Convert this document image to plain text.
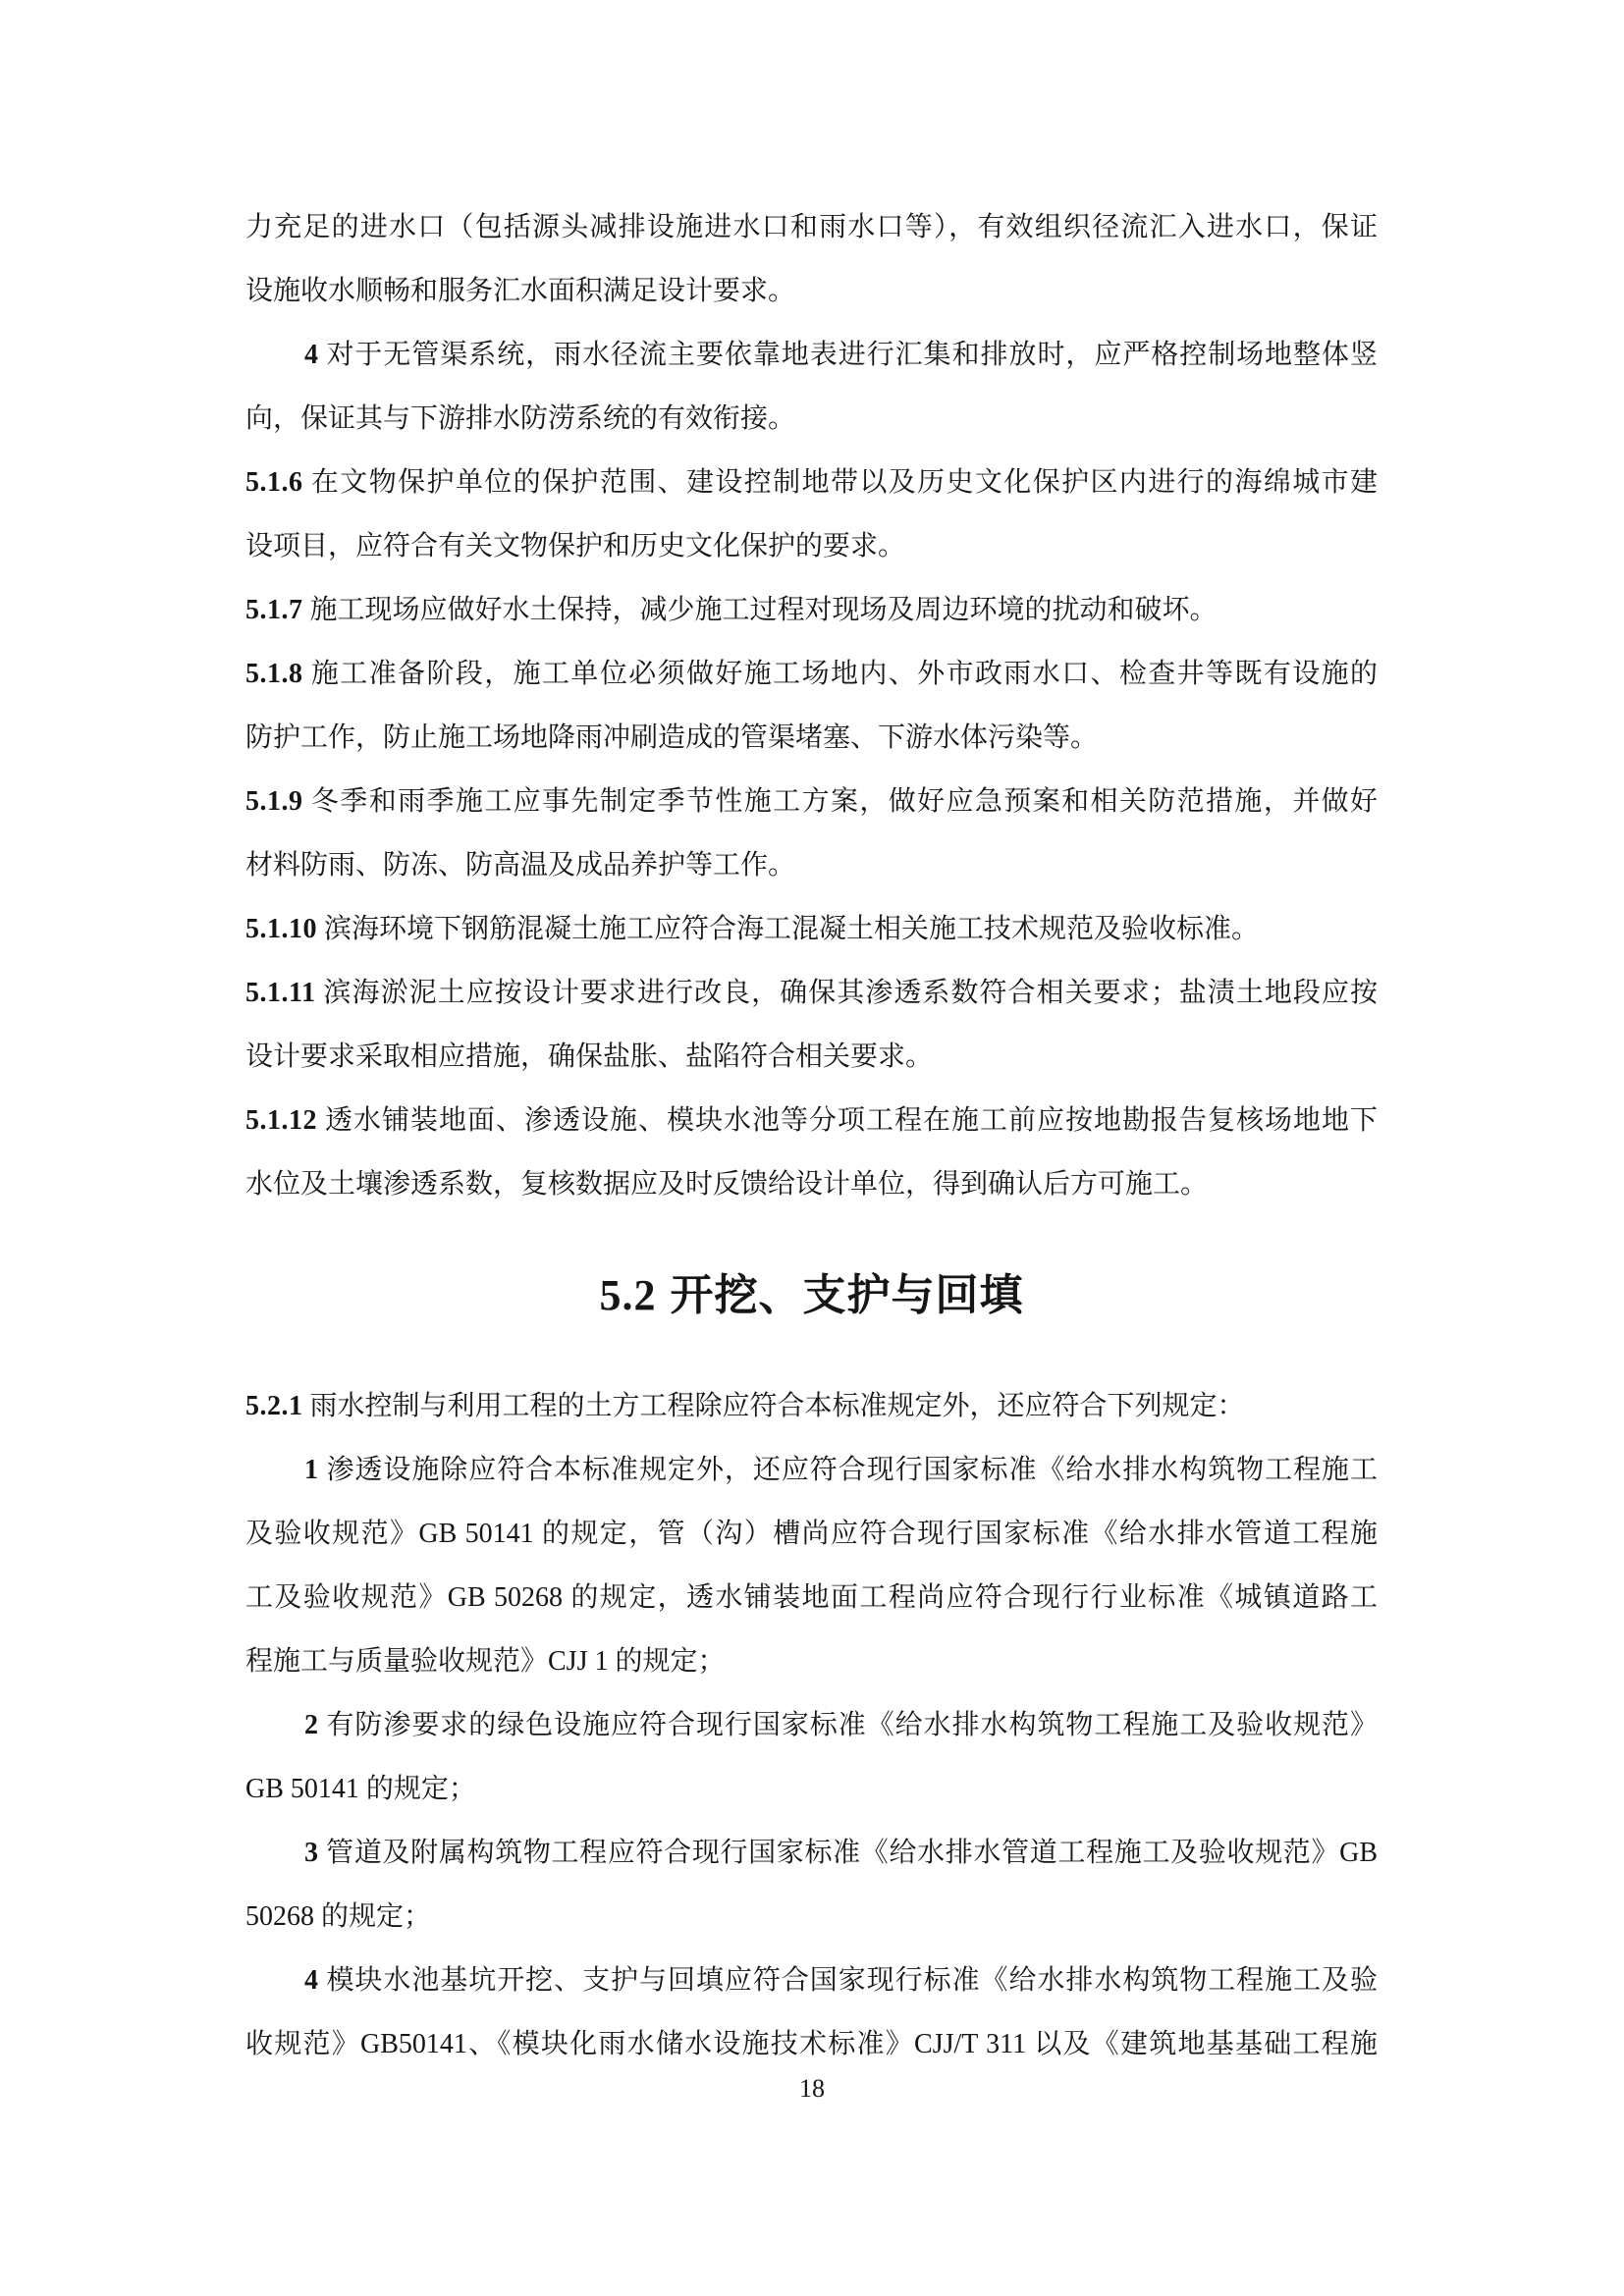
力充足的进水口（包括源头减排设施进水口和雨水口等），有效组织径流汇入进水口，保证
设施收水顺畅和服务汇水面积满足设计要求。
4 对于无管渠系统，雨水径流主要依靠地表进行汇集和排放时，应严格控制场地整体竖
向，保证其与下游排水防涝系统的有效衔接。
5.1.6 在文物保护单位的保护范围、建设控制地带以及历史文化保护区内进行的海绵城市建
设项目，应符合有关文物保护和历史文化保护的要求。
5.1.7 施工现场应做好水土保持，减少施工过程对现场及周边环境的扰动和破坏。
5.1.8 施工准备阶段，施工单位必须做好施工场地内、外市政雨水口、检查井等既有设施的
防护工作，防止施工场地降雨冲刷造成的管渠堵塞、下游水体污染等。
5.1.9 冬季和雨季施工应事先制定季节性施工方案，做好应急预案和相关防范措施，并做好
材料防雨、防冻、防高温及成品养护等工作。
5.1.10 滨海环境下钢筋混凝土施工应符合海工混凝土相关施工技术规范及验收标准。
5.1.11 滨海淤泥土应按设计要求进行改良，确保其渗透系数符合相关要求；盐渍土地段应按
设计要求采取相应措施，确保盐胀、盐陷符合相关要求。
5.1.12 透水铺装地面、渗透设施、模块水池等分项工程在施工前应按地勘报告复核场地地下
水位及土壤渗透系数，复核数据应及时反馈给设计单位，得到确认后方可施工。
5.2 开挖、支护与回填
5.2.1 雨水控制与利用工程的土方工程除应符合本标准规定外，还应符合下列规定：
1 渗透设施除应符合本标准规定外，还应符合现行国家标准《给水排水构筑物工程施工
及验收规范》GB 50141 的规定，管（沟）槽尚应符合现行国家标准《给水排水管道工程施
工及验收规范》GB 50268 的规定，透水铺装地面工程尚应符合现行行业标准《城镇道路工
程施工与质量验收规范》CJJ 1 的规定；
2 有防渗要求的绿色设施应符合现行国家标准《给水排水构筑物工程施工及验收规范》
GB 50141 的规定；
3 管道及附属构筑物工程应符合现行国家标准《给水排水管道工程施工及验收规范》GB
50268 的规定；
4 模块水池基坑开挖、支护与回填应符合国家现行标准《给水排水构筑物工程施工及验
收规范》GB50141、《模块化雨水储水设施技术标准》CJJ/T 311 以及《建筑地基基础工程施
18
